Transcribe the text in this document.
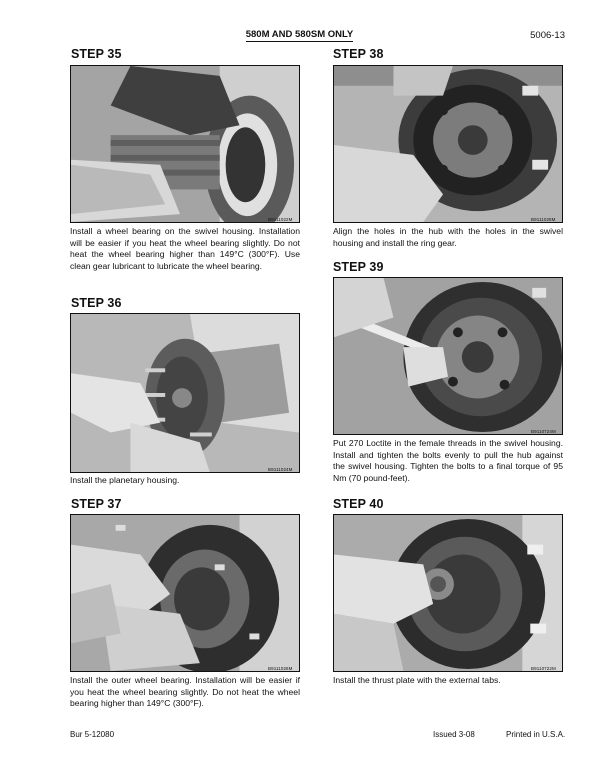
580M AND 580SM ONLY	5006-13
STEP 35
B9111022M
Install a wheel bearing on the swivel housing. Installation will be easier if you heat the wheel bearing slightly. Do not heat the wheel bearing higher than 149°C (300°F). Use clean gear lubricant to lubricate the wheel bearing.
STEP 36
B9111024M
Install the planetary housing.
STEP 37
B9111026M
Install the outer wheel bearing. Installation will be easier if you heat the wheel bearing slightly. Do not heat the wheel bearing higher than 149°C (300°F).
STEP 38
B9111028M
Align the holes in the hub with the holes in the swivel housing and install the ring gear.
STEP 39
B9110724M
Put 270 Loctite in the female threads in the swivel housing. Install and tighten the bolts evenly to pull the hub against the swivel housing. Tighten the bolts to a final torque of 95 Nm (70 pound-feet).
STEP 40
B9110722M
Install the thrust plate with the external tabs.
Bur 5-12080	Issued 3-08	Printed in U.S.A.
